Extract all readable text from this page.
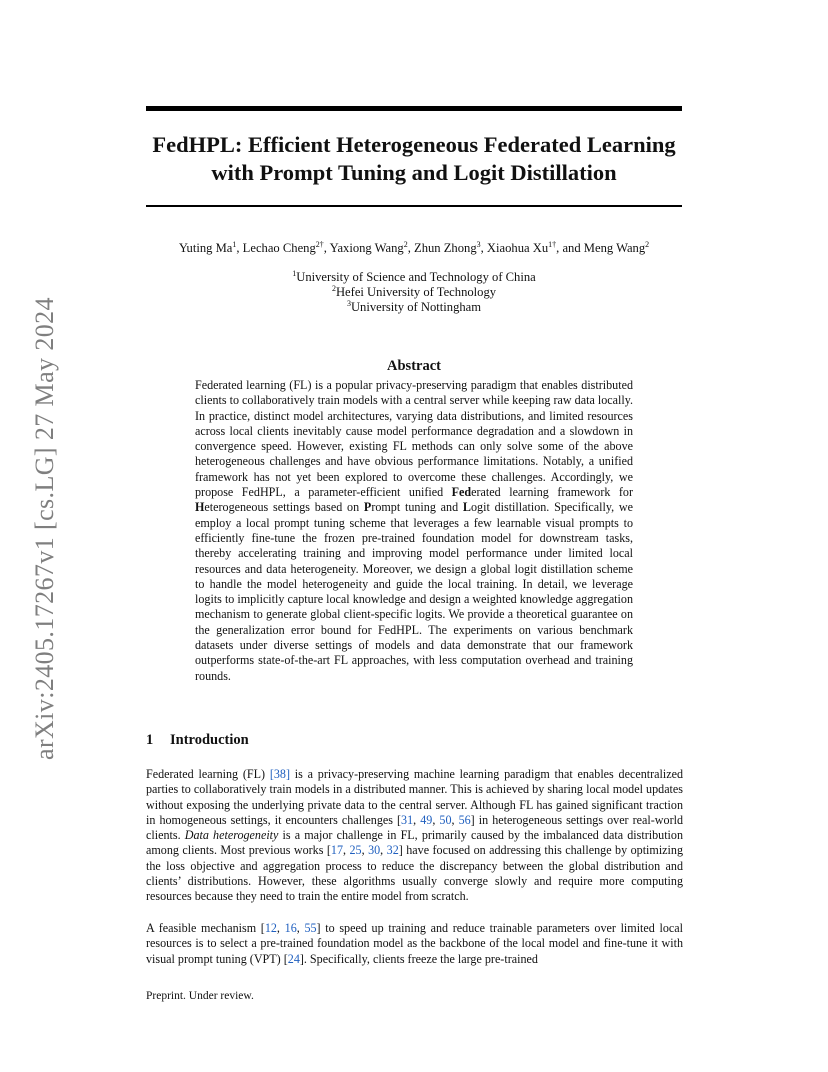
arXiv:2405.17267v1 [cs.LG] 27 May 2024
FedHPL: Efficient Heterogeneous Federated Learning
with Prompt Tuning and Logit Distillation
Yuting Ma$^1$, Lechao Cheng$^{2\dagger}$, Yaxiong Wang$^2$, Zhun Zhong$^3$, Xiaohua $Xu^{1\dagger}$, and Meng Wang$^2$
$^1$University of Science and Technology of China
$^2$Hefei University of Technology
$^3$University of Nottingham
Abstract
Federated learning (FL) is a popular privacy-preserving paradigm that enables distributed clients to collaboratively train models with a central server while keeping raw data locally. In practice, distinct model architectures, varying data distributions, and limited resources across local clients inevitably cause model performance degradation and a slowdown in convergence speed. However, existing FL methods can only solve some of the above heterogeneous challenges and have obvious performance limitations. Notably, a unified framework has not yet been explored to overcome these challenges. Accordingly, we propose FedHPL, a parameter-efficient unified Federated learning framework for Heterogeneous settings based on Prompt tuning and Logit distillation. Specifically, we employ a local prompt tuning scheme that leverages a few learnable visual prompts to efficiently fine-tune the frozen pre-trained foundation model for downstream tasks, thereby accelerating training and improving model performance under limited local resources and data heterogeneity. Moreover, we design a global logit distillation scheme to handle the model heterogeneity and guide the local training. In detail, we leverage logits to implicitly capture local knowledge and design a weighted knowledge aggregation mechanism to generate global client-specific logits. We provide a theoretical guarantee on the generalization error bound for FedHPL. The experiments on various benchmark datasets under diverse settings of models and data demonstrate that our framework outperforms state-of-the-art FL approaches, with less computation overhead and training rounds.
1 Introduction
Federated learning (FL) [38] is a privacy-preserving machine learning paradigm that enables decentralized parties to collaboratively train models in a distributed manner. This is achieved by sharing local model updates without exposing the underlying private data to the central server. Although FL has gained significant traction in homogeneous settings, it encounters challenges [31, 49, 50, 56] in heterogeneous settings over real-world clients. Data heterogeneity is a major challenge in FL, primarily caused by the imbalanced data distribution among clients. Most previous works [17, 25, 30, 32] have focused on addressing this challenge by optimizing the loss objective and aggregation process to reduce the discrepancy between the global distribution and clients’ distributions. However, these algorithms usually converge slowly and require more computing resources because they need to train the entire model from scratch.
A feasible mechanism [12, 16, 55] to speed up training and reduce trainable parameters over limited local resources is to select a pre-trained foundation model as the backbone of the local model and fine-tune it with visual prompt tuning (VPT) [24]. Specifically, clients freeze the large pre-trained
Preprint. Under review.
